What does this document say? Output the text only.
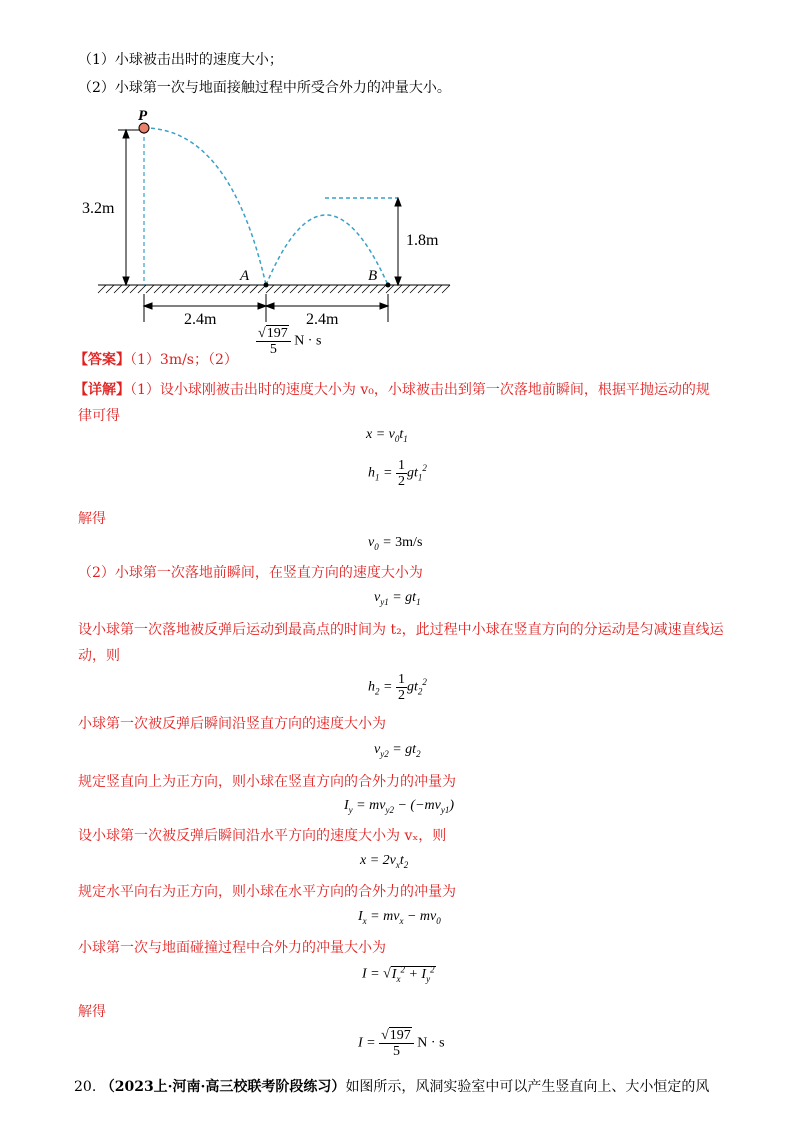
（1）小球被击出时的速度大小；
（2）小球第一次与地面接触过程中所受合外力的冲量大小。
P
3.2m
1.8m
A	B
2.4m	2.4m
【答案】（1）3m/s；（2）
$\frac{√197}{5}$ N · s
【详解】（1）设小球刚被击出时的速度大小为 v₀，小球被击出到第一次落地前瞬间，根据平抛运动的规
律可得
$x = v_0t_1$
$h_1 = \frac{1}{2} gt_1^2$
解得
$v_0 = 3m/s$
（2）小球第一次落地前瞬间，在竖直方向的速度大小为
$v_{y1} = gt_1$
设小球第一次落地被反弹后运动到最高点的时间为 t₂，此过程中小球在竖直方向的分运动是匀减速直线运
动，则
$h_2 = \frac{1}{2} gt_2^2$
小球第一次被反弹后瞬间沿竖直方向的速度大小为
$v_{y2} = gt_2$
规定竖直向上为正方向，则小球在竖直方向的合外力的冲量为
$I_y = mv_{y2} - (-mv_{y1})$
设小球第一次被反弹后瞬间沿水平方向的速度大小为 vₓ，则
$x = 2v_xt_2$
规定水平向右为正方向，则小球在水平方向的合外力的冲量为
$I_x = mv_x - mv_0$
小球第一次与地面碰撞过程中合外力的冲量大小为
$I = √I_x^2 + I_y^2$
解得
$I = \frac{√197}{5}$ N · s
20. （2023上·河南·高三校联考阶段练习）如图所示，风洞实验室中可以产生竖直向上、大小恒定的风
